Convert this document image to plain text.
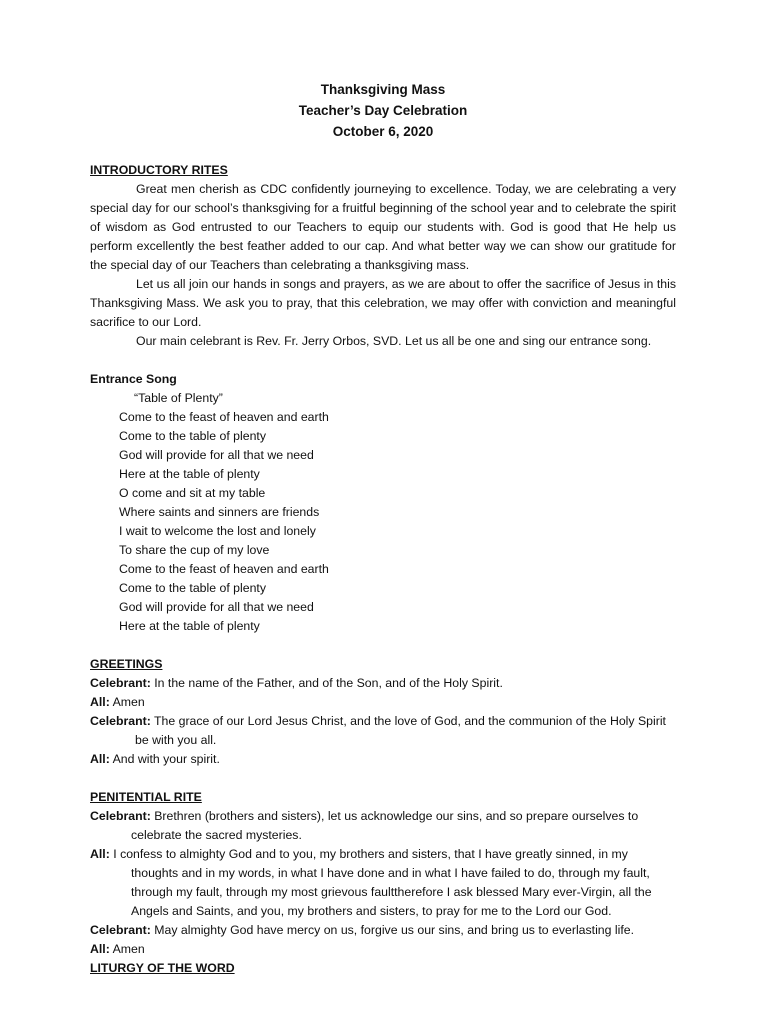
Thanksgiving Mass

Teacher’s Day Celebration

October 6, 2020

INTRODUCTORY RITES

Great men cherish as CDC confidently journeying to excellence. Today, we are celebrating a very special day for our school’s thanksgiving for a fruitful beginning of the school year and to celebrate the spirit of wisdom as God entrusted to our Teachers to equip our students with. God is good that He help us perform excellently the best feather added to our cap. And what better way we can show our gratitude for the special day of our Teachers than celebrating a thanksgiving mass.

Let us all join our hands in songs and prayers, as we are about to offer the sacrifice of Jesus in this Thanksgiving Mass. We ask you to pray, that this celebration, we may offer with conviction and meaningful sacrifice to our Lord.

Our main celebrant is Rev. Fr. Jerry Orbos, SVD. Let us all be one and sing our entrance song.

Entrance Song

“Table of Plenty”

Come to the feast of heaven and earth

Come to the table of plenty

God will provide for all that we need

Here at the table of plenty

O come and sit at my table

Where saints and sinners are friends

I wait to welcome the lost and lonely

To share the cup of my love

Come to the feast of heaven and earth

Come to the table of plenty

God will provide for all that we need

Here at the table of plenty

GREETINGS

Celebrant: In the name of the Father, and of the Son, and of the Holy Spirit.

All: Amen

Celebrant: The grace of our Lord Jesus Christ, and the love of God, and the communion of the Holy Spirit be with you all.

All: And with your spirit.

PENITENTIAL RITE

Celebrant: Brethren (brothers and sisters), let us acknowledge our sins, and so prepare ourselves to celebrate the sacred mysteries.

All: I confess to almighty God and to you, my brothers and sisters, that I have greatly sinned, in my thoughts and in my words, in what I have done and in what I have failed to do, through my fault, through my fault, through my most grievous faulttherefore I ask blessed Mary ever-Virgin, all the Angels and Saints, and you, my brothers and sisters, to pray for me to the Lord our God.

Celebrant: May almighty God have mercy on us, forgive us our sins, and bring us to everlasting life.

All: Amen

LITURGY OF THE WORD
